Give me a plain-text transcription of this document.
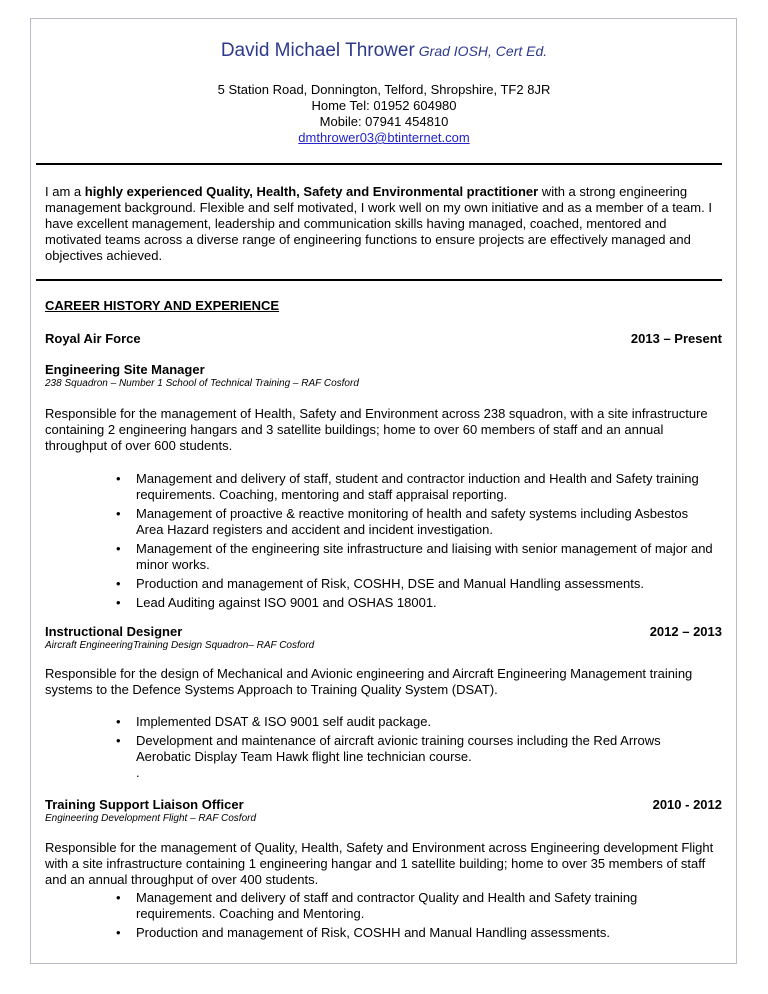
David Michael Thrower Grad IOSH, Cert Ed.
5 Station Road, Donnington, Telford, Shropshire, TF2 8JR
Home Tel: 01952 604980
Mobile: 07941 454810
dmthrower03@btinternet.com
I am a highly experienced Quality, Health, Safety and Environmental practitioner with a strong engineering management background. Flexible and self motivated, I work well on my own initiative and as a member of a team. I have excellent management, leadership and communication skills having managed, coached, mentored and motivated teams across a diverse range of engineering functions to ensure projects are effectively managed and objectives achieved.
CAREER HISTORY AND EXPERIENCE
Royal Air Force	2013 – Present
Engineering Site Manager
238 Squadron – Number 1 School of Technical Training – RAF Cosford
Responsible for the management of Health, Safety and Environment across 238 squadron, with a site infrastructure containing 2 engineering hangars and 3 satellite buildings; home to over 60 members of staff and an annual throughput of over 600 students.
• Management and delivery of staff, student and contractor induction and Health and Safety training requirements. Coaching, mentoring and staff appraisal reporting.
• Management of proactive & reactive monitoring of health and safety systems including Asbestos Area Hazard registers and accident and incident investigation.
• Management of the engineering site infrastructure and liaising with senior management of major and minor works.
• Production and management of Risk, COSHH, DSE and Manual Handling assessments.
• Lead Auditing against ISO 9001 and OSHAS 18001.
Instructional Designer	2012 – 2013
Aircraft EngineeringTraining Design Squadron– RAF Cosford
Responsible for the design of Mechanical and Avionic engineering and Aircraft Engineering Management training systems to the Defence Systems Approach to Training Quality System (DSAT).
• Implemented DSAT & ISO 9001 self audit package.
• Development and maintenance of aircraft avionic training courses including the Red Arrows Aerobatic Display Team Hawk flight line technician course.
.
Training Support Liaison Officer	2010 - 2012
Engineering Development Flight – RAF Cosford
Responsible for the management of Quality, Health, Safety and Environment across Engineering development Flight with a site infrastructure containing 1 engineering hangar and 1 satellite building; home to over 35 members of staff and an annual throughput of over 400 students.
• Management and delivery of staff and contractor Quality and Health and Safety training requirements. Coaching and Mentoring.
• Production and management of Risk, COSHH and Manual Handling assessments.
